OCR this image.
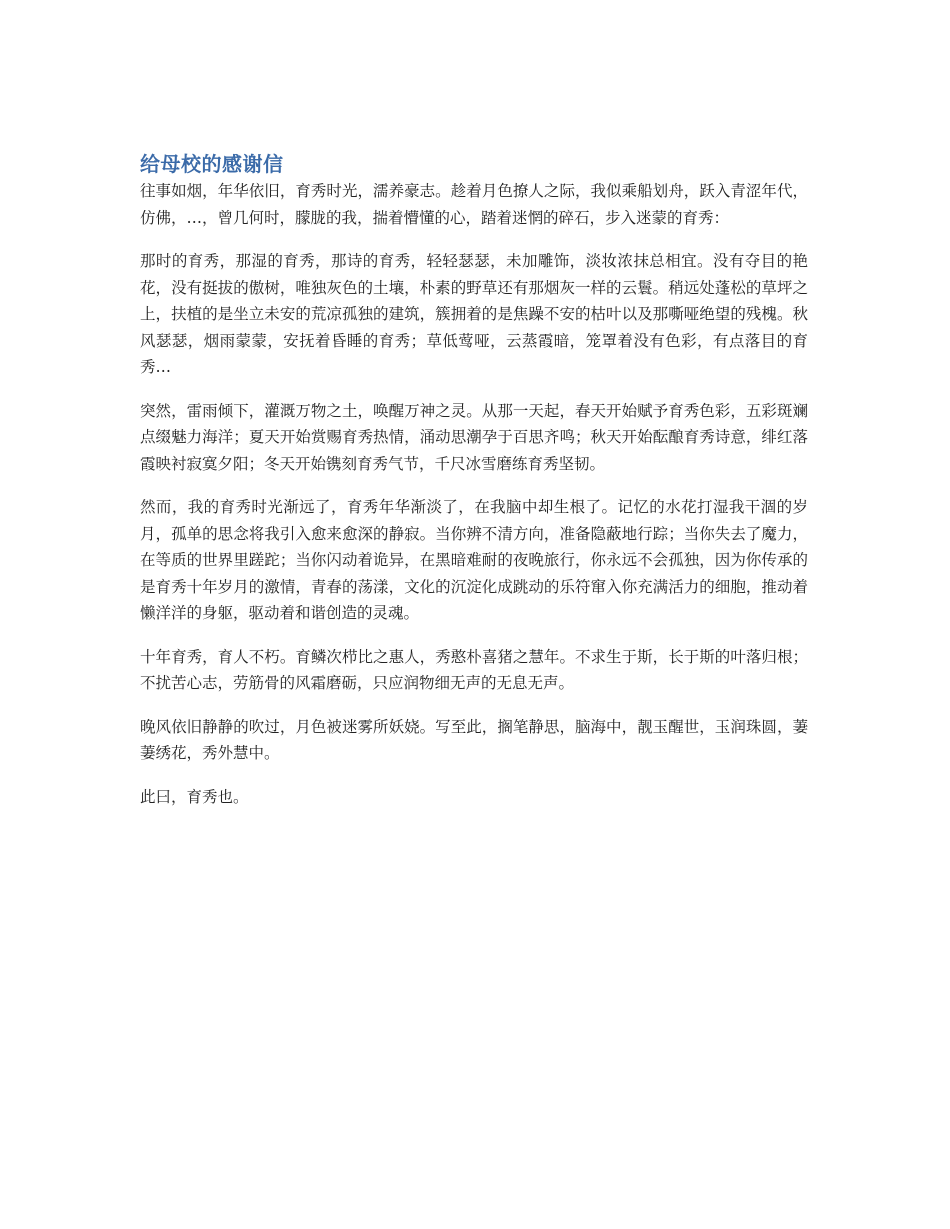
给母校的感谢信

往事如烟，年华依旧，育秀时光，濡养豪志。趁着月色撩人之际，我似乘船划舟，跃入青涩年代，仿佛，…，曾几何时，朦胧的我，揣着懵懂的心，踏着迷惘的碎石，步入迷蒙的育秀：

那时的育秀，那湿的育秀，那诗的育秀，轻轻瑟瑟，未加雕饰，淡妆浓抹总相宜。没有夺目的艳花，没有挺拔的傲树，唯独灰色的土壤，朴素的野草还有那烟灰一样的云鬟。稍远处蓬松的草坪之上，扶植的是坐立未安的荒凉孤独的建筑，簇拥着的是焦躁不安的枯叶以及那嘶哑绝望的残槐。秋风瑟瑟，烟雨蒙蒙，安抚着昏睡的育秀；草低莺哑，云蒸霞暗，笼罩着没有色彩，有点落目的育秀…

突然，雷雨倾下，灌溉万物之土，唤醒万神之灵。从那一天起，春天开始赋予育秀色彩，五彩斑斓点缀魅力海洋；夏天开始赏赐育秀热情，涌动思潮孕于百思齐鸣；秋天开始酝酿育秀诗意，绯红落霞映衬寂寞夕阳；冬天开始镌刻育秀气节，千尺冰雪磨练育秀坚韧。

然而，我的育秀时光渐远了，育秀年华渐淡了，在我脑中却生根了。记忆的水花打湿我干涸的岁月，孤单的思念将我引入愈来愈深的静寂。当你辨不清方向，准备隐蔽地行踪；当你失去了魔力，在等质的世界里蹉跎；当你闪动着诡异，在黑暗难耐的夜晚旅行，你永远不会孤独，因为你传承的是育秀十年岁月的激情，青春的荡漾，文化的沉淀化成跳动的乐符窜入你充满活力的细胞，推动着懒洋洋的身躯，驱动着和谐创造的灵魂。

十年育秀，育人不朽。育鳞次栉比之惠人，秀憨朴喜猪之慧年。不求生于斯，长于斯的叶落归根；不扰苦心志，劳筋骨的风霜磨砺，只应润物细无声的无息无声。

晚风依旧静静的吹过，月色被迷雾所妖娆。写至此，搁笔静思，脑海中，靓玉醒世，玉润珠圆，萋萋绣花，秀外慧中。

此曰，育秀也。
